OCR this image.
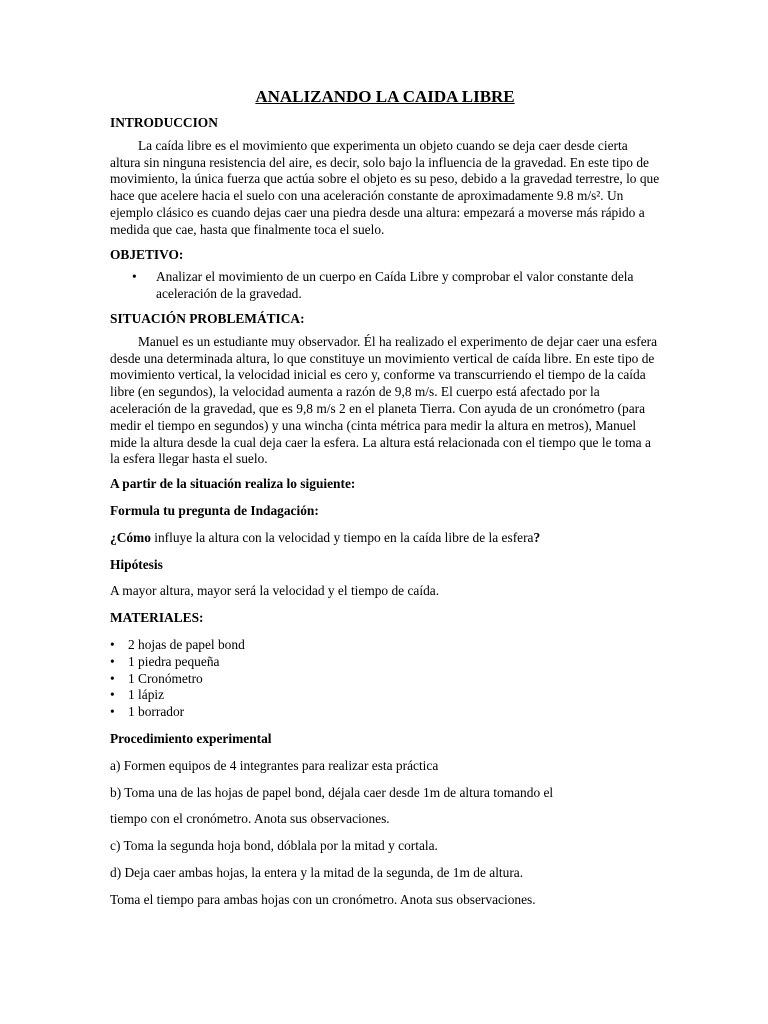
ANALIZANDO LA CAIDA LIBRE
INTRODUCCION
La caída libre es el movimiento que experimenta un objeto cuando se deja caer desde cierta altura sin ninguna resistencia del aire, es decir, solo bajo la influencia de la gravedad. En este tipo de movimiento, la única fuerza que actúa sobre el objeto es su peso, debido a la gravedad terrestre, lo que hace que acelere hacia el suelo con una aceleración constante de aproximadamente 9.8 m/s². Un ejemplo clásico es cuando dejas caer una piedra desde una altura: empezará a moverse más rápido a medida que cae, hasta que finalmente toca el suelo.
OBJETIVO:
• Analizar el movimiento de un cuerpo en Caída Libre y comprobar el valor constante dela aceleración de la gravedad.
SITUACIÓN PROBLEMÁTICA:
Manuel es un estudiante muy observador. Él ha realizado el experimento de dejar caer una esfera desde una determinada altura, lo que constituye un movimiento vertical de caída libre. En este tipo de movimiento vertical, la velocidad inicial es cero y, conforme va transcurriendo el tiempo de la caída libre (en segundos), la velocidad aumenta a razón de 9,8 m/s. El cuerpo está afectado por la aceleración de la gravedad, que es 9,8 m/s 2 en el planeta Tierra. Con ayuda de un cronómetro (para medir el tiempo en segundos) y una wincha (cinta métrica para medir la altura en metros), Manuel mide la altura desde la cual deja caer la esfera. La altura está relacionada con el tiempo que le toma a la esfera llegar hasta el suelo.
A partir de la situación realiza lo siguiente:
Formula tu pregunta de Indagación:
¿Cómo influye la altura con la velocidad y tiempo en la caída libre de la esfera?
Hipótesis
A mayor altura, mayor será la velocidad y el tiempo de caída.
MATERIALES:
• 2 hojas de papel bond
• 1 piedra pequeña
• 1 Cronómetro
• 1 lápiz
• 1 borrador
Procedimiento experimental
a) Formen equipos de 4 integrantes para realizar esta práctica
b) Toma una de las hojas de papel bond, déjala caer desde 1m de altura tomando el
tiempo con el cronómetro. Anota sus observaciones.
c) Toma la segunda hoja bond, dóblala por la mitad y cortala.
d) Deja caer ambas hojas, la entera y la mitad de la segunda, de 1m de altura.
Toma el tiempo para ambas hojas con un cronómetro. Anota sus observaciones.
